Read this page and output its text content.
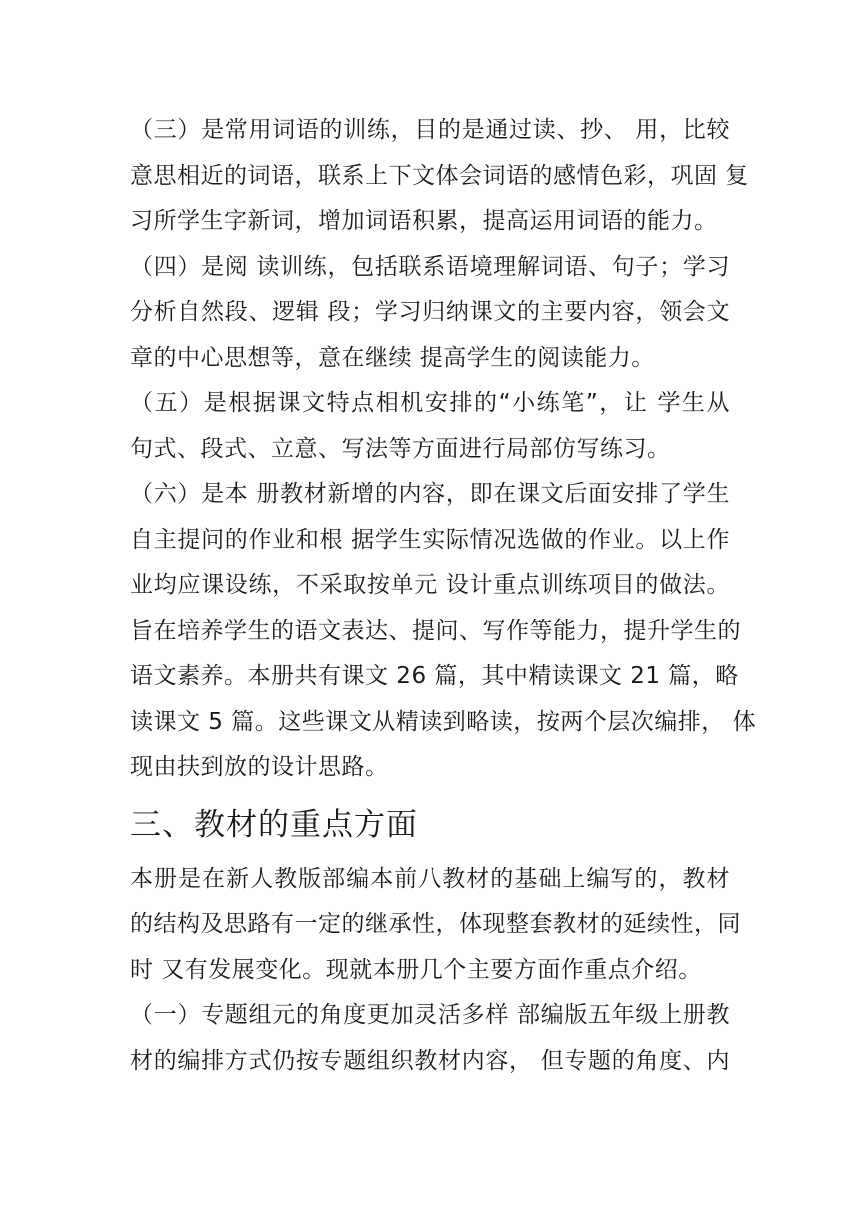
（三）是常用词语的训练，目的是通过读、抄、 用，比较
意思相近的词语，联系上下文体会词语的感情色彩，巩固 复
习所学生字新词，增加词语积累，提高运用词语的能力。
（四）是阅 读训练，包括联系语境理解词语、句子；学习
分析自然段、逻辑 段；学习归纳课文的主要内容，领会文
章的中心思想等，意在继续 提高学生的阅读能力。
（五）是根据课文特点相机安排的“小练笔”，让 学生从
句式、段式、立意、写法等方面进行局部仿写练习。
（六）是本 册教材新增的内容，即在课文后面安排了学生
自主提问的作业和根 据学生实际情况选做的作业。以上作
业均应课设练，不采取按单元 设计重点训练项目的做法。
旨在培养学生的语文表达、提问、写作等能力，提升学生的
语文素养。本册共有课文 26 篇，其中精读课文 21 篇，略
读课文 5 篇。这些课文从精读到略读，按两个层次编排， 体
现由扶到放的设计思路。
三、教材的重点方面
本册是在新人教版部编本前八教材的基础上编写的，教材
的结构及思路有一定的继承性，体现整套教材的延续性，同
时 又有发展变化。现就本册几个主要方面作重点介绍。
（一）专题组元的角度更加灵活多样 部编版五年级上册教
材的编排方式仍按专题组织教材内容， 但专题的角度、内
